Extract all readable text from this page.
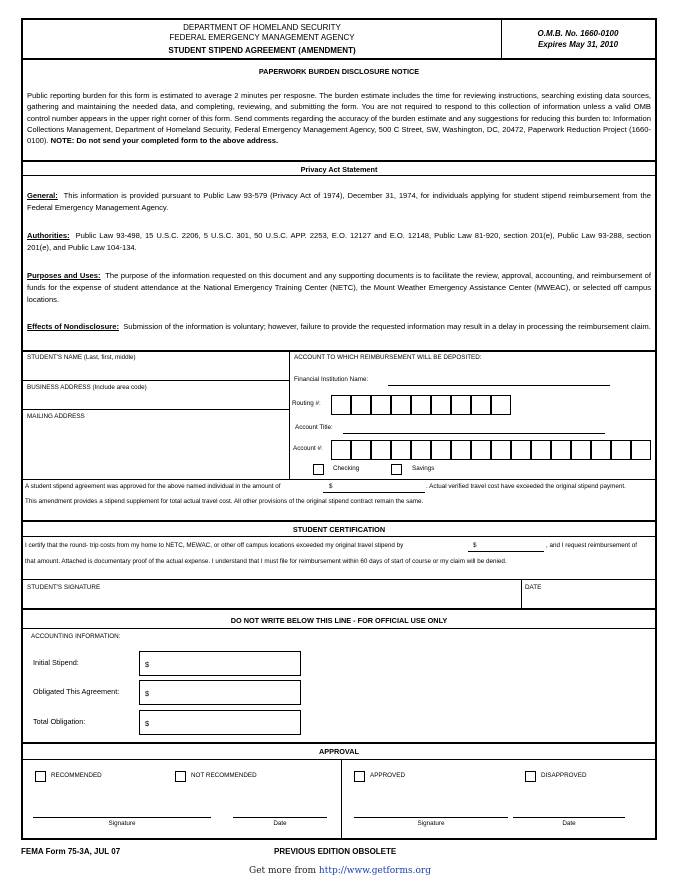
DEPARTMENT OF HOMELAND SECURITY
FEDERAL EMERGENCY MANAGEMENT AGENCY
STUDENT STIPEND AGREEMENT (AMENDMENT)
O.M.B. No. 1660-0100
Expires May 31, 2010
PAPERWORK BURDEN DISCLOSURE NOTICE
Public reporting burden for this form is estimated to average 2 minutes per resposne. The burden estimate includes the time for reviewing instructions, searching existing data sources, gathering and maintaining the needed data, and completing, reviewing, and submitting the form. You are not required to respond to this collection of information unless a valid OMB control number appears in the upper right corner of this form. Send comments regarding the accuracy of the burden estimate and any suggestions for reducing this burden to: Information Collections Management, Department of Homeland Security, Federal Emergency Management Agency, 500 C Street, SW, Washington, DC, 20472, Paperwork Reduction Project (1660-0100). NOTE: Do not send your completed form to the above address.
Privacy Act Statement
General: This information is provided pursuant to Public Law 93-579 (Privacy Act of 1974), December 31, 1974, for individuals applying for student stipend reimbursement from the Federal Emergency Management Agency.
Authorities: Public Law 93-498, 15 U.S.C. 2206, 5 U.S.C. 301, 50 U.S.C. APP. 2253, E.O. 12127 and E.O. 12148, Public Law 81-920, section 201(e), Public Law 93-288, section 201(e), and Public Law 104-134.
Purposes and Uses: The purpose of the information requested on this document and any supporting documents is to facilitate the review, approval, accounting, and reimbursement of funds for the expense of student attendance at the National Emergency Training Center (NETC), the Mount Weather Emergency Assistance Center (MWEAC), or selected off campus locations.
Effects of Nondisclosure: Submission of the information is voluntary; however, failure to provide the requested information may result in a delay in processing the reimbursement claim.
STUDENT'S NAME (Last, first, middle)
BUSINESS ADDRESS (Include area code)
MAILING ADDRESS
ACCOUNT TO WHICH REIMBURSEMENT WILL BE DEPOSITED:
Financial Institution Name:
Routing #:
Account Title:
Account #:
Checking	Savings
A student stipend agreement was approved for the above named individual in the amount of	$	. Actual verified travel cost have exceeded the original stipend payment.
This amendment provides a stipend supplement for total actual travel cost. All other provisions of the original stipend contract remain the same.
STUDENT CERTIFICATION
I certify that the round- trip costs from my home to NETC, MEWAC, or other off campus locations exceeded my original travel stipend by	$	, and I request reimbursement of
that amount. Attached is documentary proof of the actual expense. I understand that I must file for reimbursement within 60 days of start of course or my claim will be denied.
STUDENT'S SIGNATURE	DATE
DO NOT WRITE BELOW THIS LINE - FOR OFFICIAL USE ONLY
ACCOUNTING INFORMATION:
Initial Stipend:	$
Obligated This Agreement:	$
Total Obligation:	$
APPROVAL
RECOMMENDED	NOT RECOMMENDED	APPROVED	DISAPPROVED
Signature	Date	Signature	Date
FEMA Form 75-3A, JUL 07	PREVIOUS EDITION OBSOLETE
Get more from http://www.getforms.org
